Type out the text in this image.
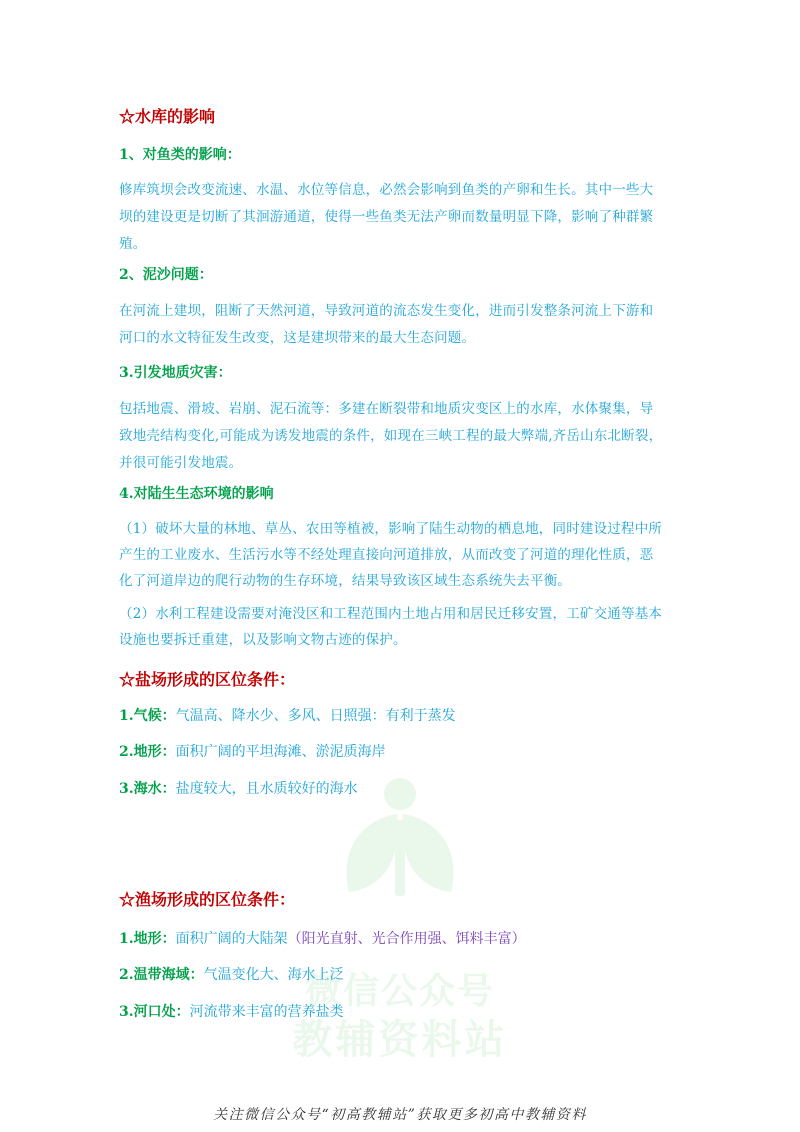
微信公众号
教辅资料站
☆水库的影响
1、对鱼类的影响：
修库筑坝会改变流速、水温、水位等信息，必然会影响到鱼类的产卵和生长。其中一些大
坝的建设更是切断了其洄游通道，使得一些鱼类无法产卵而数量明显下降，影响了种群繁
殖。
2、泥沙问题：
在河流上建坝，阻断了天然河道，导致河道的流态发生变化，进而引发整条河流上下游和
河口的水文特征发生改变，这是建坝带来的最大生态问题。
3.引发地质灾害：
包括地震、滑坡、岩崩、泥石流等：多建在断裂带和地质灾变区上的水库，水体聚集，导
致地壳结构变化,可能成为诱发地震的条件，如现在三峡工程的最大弊端,齐岳山东北断裂，
并很可能引发地震。
4.对陆生生态环境的影响
（1）破坏大量的林地、草丛、农田等植被，影响了陆生动物的栖息地，同时建设过程中所
产生的工业废水、生活污水等不经处理直接向河道排放，从而改变了河道的理化性质，恶
化了河道岸边的爬行动物的生存环境，结果导致该区域生态系统失去平衡。
（2）水利工程建设需要对淹没区和工程范围内土地占用和居民迁移安置，工矿交通等基本
设施也要拆迁重建，以及影响文物古迹的保护。
☆盐场形成的区位条件：
1.气候：气温高、降水少、多风、日照强：有利于蒸发
2.地形：面积广阔的平坦海滩、淤泥质海岸
3.海水：盐度较大，且水质较好的海水
☆渔场形成的区位条件：
1.地形：面积广阔的大陆架（阳光直射、光合作用强、饵料丰富）
2.温带海域：气温变化大、海水上泛
3.河口处：河流带来丰富的营养盐类
关注微信公众号“初高教辅站”获取更多初高中教辅资料
